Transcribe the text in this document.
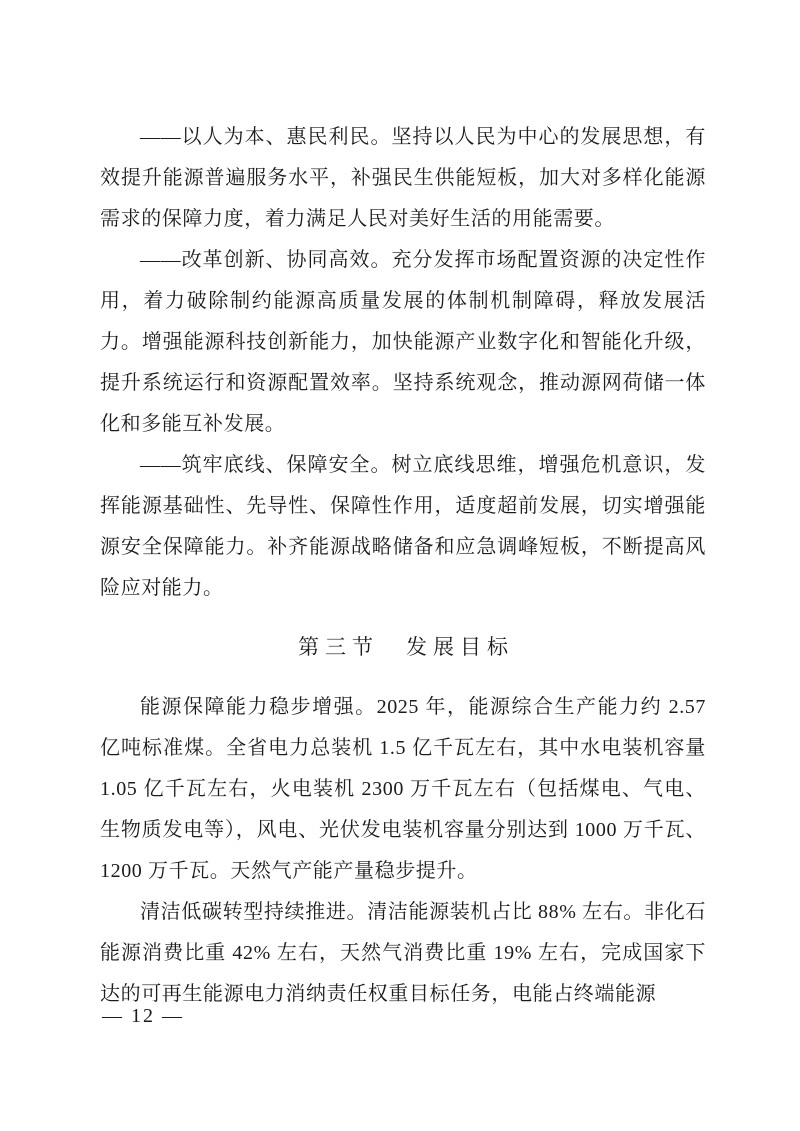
——以人为本、惠民利民。坚持以人民为中心的发展思想，有效提升能源普遍服务水平，补强民生供能短板，加大对多样化能源需求的保障力度，着力满足人民对美好生活的用能需要。

——改革创新、协同高效。充分发挥市场配置资源的决定性作用，着力破除制约能源高质量发展的体制机制障碍，释放发展活力。增强能源科技创新能力，加快能源产业数字化和智能化升级，提升系统运行和资源配置效率。坚持系统观念，推动源网荷储一体化和多能互补发展。

——筑牢底线、保障安全。树立底线思维，增强危机意识，发挥能源基础性、先导性、保障性作用，适度超前发展，切实增强能源安全保障能力。补齐能源战略储备和应急调峰短板，不断提高风险应对能力。

第三节　发展目标

能源保障能力稳步增强。2025 年，能源综合生产能力约 2.57 亿吨标准煤。全省电力总装机 1.5 亿千瓦左右，其中水电装机容量 1.05 亿千瓦左右，火电装机 2300 万千瓦左右（包括煤电、气电、生物质发电等），风电、光伏发电装机容量分别达到 1000 万千瓦、1200 万千瓦。天然气产能产量稳步提升。

清洁低碳转型持续推进。清洁能源装机占比 88% 左右。非化石能源消费比重 42% 左右，天然气消费比重 19% 左右，完成国家下达的可再生能源电力消纳责任权重目标任务，电能占终端能源

— 12 —
